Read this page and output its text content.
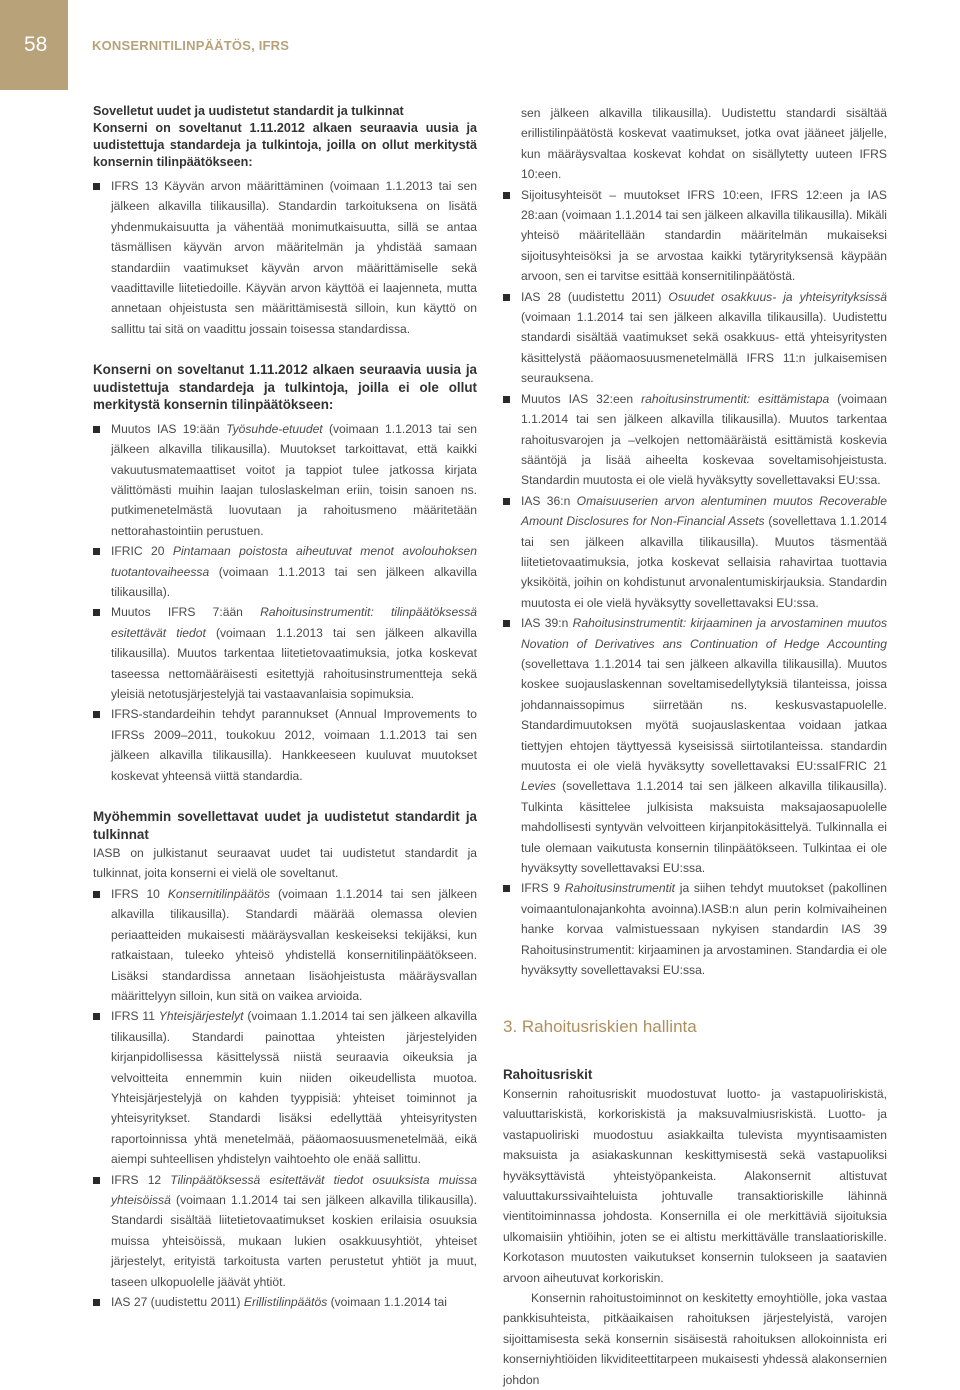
58	KONSERNITILINPÄÄTÖS, IFRS

Sovelletut uudet ja uudistetut standardit ja tulkinnat

Konserni on soveltanut 1.11.2012 alkaen seuraavia uusia ja uudistettuja standardeja ja tulkintoja, joilla on ollut merkitystä konsernin tilinpäätökseen:

IFRS 13 Käyvän arvon määrittäminen (voimaan 1.1.2013 tai sen jälkeen alkavilla tilikausilla). Standardin tarkoituksena on lisätä yhdenmukaisuutta ja vähentää monimutkaisuutta, sillä se antaa täsmällisen käyvän arvon määritelmän ja yhdistää samaan standardiin vaatimukset käyvän arvon määrittämiselle sekä vaadittaville liitetiedoille. Käyvän arvon käyttöä ei laajenneta, mutta annetaan ohjeistusta sen määrittämisestä silloin, kun käyttö on sallittu tai sitä on vaadittu jossain toisessa standardissa.

Konserni on soveltanut 1.11.2012 alkaen seuraavia uusia ja uudistettuja standardeja ja tulkintoja, joilla ei ole ollut merkitystä konsernin tilinpäätökseen:

Muutos IAS 19:ään Työsuhde-etuudet (voimaan 1.1.2013 tai sen jälkeen alkavilla tilikausilla). Muutokset tarkoittavat, että kaikki vakuutusmatemaattiset voitot ja tappiot tulee jatkossa kirjata välittömästi muihin laajan tuloslaskelman eriin, toisin sanoen ns. putkimenetelmästä luovutaan ja rahoitusmeno määritetään nettorahastointiin perustuen.
IFRIC 20 Pintamaan poistosta aiheutuvat menot avolouhoksen tuotantovaiheessa (voimaan 1.1.2013 tai sen jälkeen alkavilla tilikausilla).
Muutos IFRS 7:ään Rahoitusinstrumentit: tilinpäätöksessä esitettävät tiedot (voimaan 1.1.2013 tai sen jälkeen alkavilla tilikausilla). Muutos tarkentaa liitetietovaatimuksia, jotka koskevat taseessa nettomääräisesti esitettyjä rahoitusinstrumentteja sekä yleisiä netotusjärjestelyjä tai vastaavanlaisia sopimuksia.
IFRS-standardeihin tehdyt parannukset (Annual Improvements to IFRSs 2009–2011, toukokuu 2012, voimaan 1.1.2013 tai sen jälkeen alkavilla tilikausilla). Hankkeeseen kuuluvat muutokset koskevat yhteensä viittä standardia.

Myöhemmin sovellettavat uudet ja uudistetut standardit ja tulkinnat

IASB on julkistanut seuraavat uudet tai uudistetut standardit ja tulkinnat, joita konserni ei vielä ole soveltanut.

IFRS 10 Konsernitilinpäätös (voimaan 1.1.2014 tai sen jälkeen alkavilla tilikausilla). Standardi määrää olemassa olevien periaatteiden mukaisesti määräysvallan keskeiseksi tekijäksi, kun ratkaistaan, tuleeko yhteisö yhdistellä konsernitilinpäätökseen. Lisäksi standardissa annetaan lisäohjeistusta määräysvallan määrittelyyn silloin, kun sitä on vaikea arvioida.
IFRS 11 Yhteisjärjestelyt (voimaan 1.1.2014 tai sen jälkeen alkavilla tilikausilla). Standardi painottaa yhteisten järjestelyiden kirjanpidollisessa käsittelyssä niistä seuraavia oikeuksia ja velvoitteita ennemmin kuin niiden oikeudellista muotoa. Yhteisjärjestelyjä on kahden tyyppisiä: yhteiset toiminnot ja yhteisyritykset. Standardi lisäksi edellyttää yhteisyritysten raportoinnissa yhtä menetelmää, pääomaosuusmenetelmää, eikä aiempi suhteellisen yhdistelyn vaihtoehto ole enää sallittu.
IFRS 12 Tilinpäätöksessä esitettävät tiedot osuuksista muissa yhteisöissä (voimaan 1.1.2014 tai sen jälkeen alkavilla tilikausilla). Standardi sisältää liitetietovaatimukset koskien erilaisia osuuksia muissa yhteisöissä, mukaan lukien osakkuusyhtiöt, yhteiset järjestelyt, erityistä tarkoitusta varten perustetut yhtiöt ja muut, taseen ulkopuolelle jäävät yhtiöt.
IAS 27 (uudistettu 2011) Erillistilinpäätös (voimaan 1.1.2014 tai

sen jälkeen alkavilla tilikausilla). Uudistettu standardi sisältää erillistilinpäätöstä koskevat vaatimukset, jotka ovat jääneet jäljelle, kun määräysvaltaa koskevat kohdat on sisällytetty uuteen IFRS 10:een.

Sijoitusyhteisöt – muutokset IFRS 10:een, IFRS 12:een ja IAS 28:aan (voimaan 1.1.2014 tai sen jälkeen alkavilla tilikausilla). Mikäli yhteisö määritellään standardin määritelmän mukaiseksi sijoitusyhteisöksi ja se arvostaa kaikki tytäryrityksensä käypään arvoon, sen ei tarvitse esittää konsernitilinpäätöstä.
IAS 28 (uudistettu 2011) Osuudet osakkuus- ja yhteisyrityksissä (voimaan 1.1.2014 tai sen jälkeen alkavilla tilikausilla). Uudistettu standardi sisältää vaatimukset sekä osakkuus- että yhteisyritysten käsittelystä pääomaosuusmenetelmällä IFRS 11:n julkaisemisen seurauksena.
Muutos IAS 32:een rahoitusinstrumentit: esittämistapa (voimaan 1.1.2014 tai sen jälkeen alkavilla tilikausilla). Muutos tarkentaa rahoitusvarojen ja –velkojen nettomääräistä esittämistä koskevia sääntöjä ja lisää aiheelta koskevaa soveltamisohjeistusta. Standardin muutosta ei ole vielä hyväksytty sovellettavaksi EU:ssa.
IAS 36:n Omaisuuserien arvon alentuminen muutos Recoverable Amount Disclosures for Non-Financial Assets (sovellettava 1.1.2014 tai sen jälkeen alkavilla tilikausilla). Muutos täsmentää liitetietovaatimuksia, jotka koskevat sellaisia rahavirtaa tuottavia yksiköitä, joihin on kohdistunut arvonalentumiskirjauksia. Standardin muutosta ei ole vielä hyväksytty sovellettavaksi EU:ssa.
IAS 39:n Rahoitusinstrumentit: kirjaaminen ja arvostaminen muutos Novation of Derivatives ans Continuation of Hedge Accounting (sovellettava 1.1.2014 tai sen jälkeen alkavilla tilikausilla). Muutos koskee suojauslaskennan soveltamisedellytyksiä tilanteissa, joissa johdannaissopimus siirretään ns. keskusvastapuolelle. Standardimuutoksen myötä suojauslaskentaa voidaan jatkaa tiettyjen ehtojen täyttyessä kyseisissä siirtotilanteissa. standardin muutosta ei ole vielä hyväksytty sovellettavaksi EU:ssaIFRIC 21 Levies (sovellettava 1.1.2014 tai sen jälkeen alkavilla tilikausilla). Tulkinta käsittelee julkisista maksuista maksajaosapuolelle mahdollisesti syntyvän velvoitteen kirjanpitokäsittelyä. Tulkinnalla ei tule olemaan vaikutusta konsernin tilinpäätökseen. Tulkintaa ei ole hyväksytty sovellettavaksi EU:ssa.
IFRS 9 Rahoitusinstrumentit ja siihen tehdyt muutokset (pakollinen voimaantulonajankohta avoinna).IASB:n alun perin kolmivaiheinen hanke korvaa valmistuessaan nykyisen standardin IAS 39 Rahoitusinstrumentit: kirjaaminen ja arvostaminen. Standardia ei ole hyväksytty sovellettavaksi EU:ssa.

3. Rahoitusriskien hallinta

Rahoitusriskit

Konsernin rahoitusriskit muodostuvat luotto- ja vastapuoliriskistä, valuuttariskistä, korkoriskistä ja maksuvalmiusriskistä. Luotto- ja vastapuoliriski muodostuu asiakkailta tulevista myyntisaamisten maksuista ja asiakaskunnan keskittymisestä sekä vastapuoliksi hyväksyttävistä yhteistyöpankeista. Alakonsernit altistuvat valuuttakurssivaihteluista johtuvalle transaktioriskille lähinnä vientitoiminnassa johdosta. Konsernilla ei ole merkittäviä sijoituksia ulkomaisiin yhtiöihin, joten se ei altistu merkittävälle translaatioriskille. Korkotason muutosten vaikutukset konsernin tulokseen ja saatavien arvoon aiheutuvat korkoriskin.

Konsernin rahoitustoiminnot on keskitetty emoyhtiölle, joka vastaa pankkisuhteista, pitkäaikaisen rahoituksen järjestelyistä, varojen sijoittamisesta sekä konsernin sisäisestä rahoituksen allokoinnista eri konserniyhtiöiden likviditeettitarpeen mukaisesti yhdessä alakonsernien johdon
